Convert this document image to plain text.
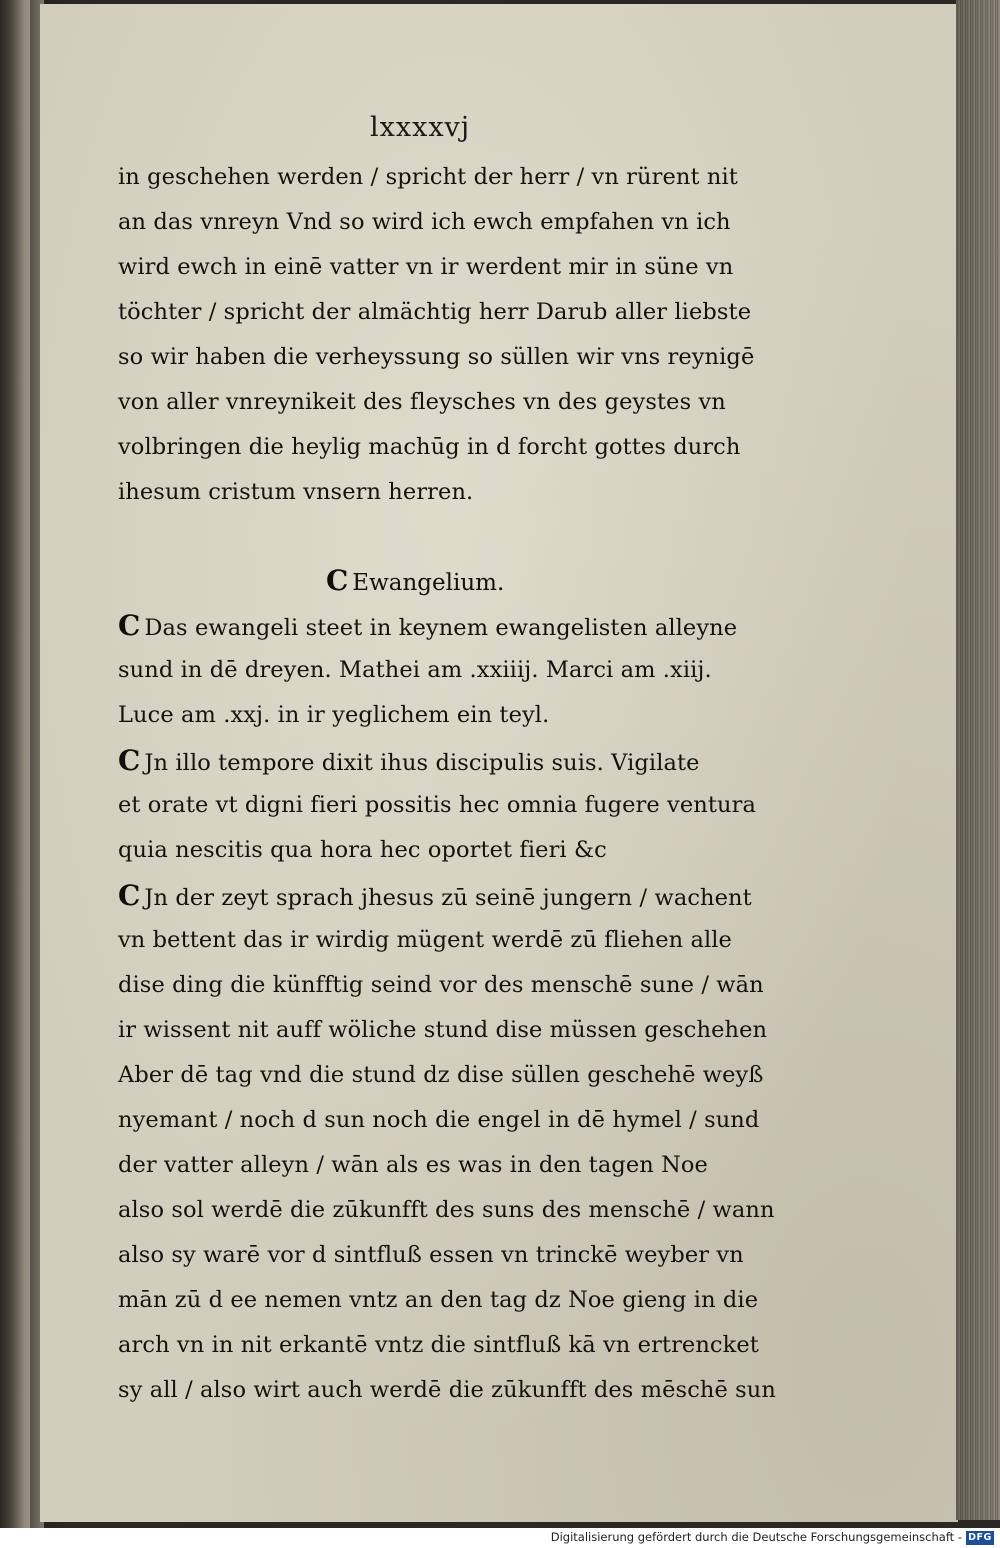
lxxxxvj
in geschehen werden / spricht der herr / vn rürent nit
an das vnreyn Vnd so wird ich ewch empfahen vn ich
wird ewch in einē vatter vn ir werdent mir in süne vn
töchter / spricht der almächtig herr Darub aller liebste
so wir haben die verheyssung so süllen wir vns reynigē
von aller vnreynikeit des fleysches vn des geystes vn
volbringen die heylig machūg in d forcht gottes durch
ihesum cristum vnsern herren.
C Ewangelium.
C Das ewangeli steet in keynem ewangelisten alleyne
sund in dē dreyen. Mathei am .xxiiij. Marci am .xiij.
Luce am .xxj. in ir yeglichem ein teyl.
C Jn illo tempore dixit ihus discipulis suis. Vigilate
et orate vt digni fieri possitis hec omnia fugere ventura
quia nescitis qua hora hec oportet fieri &c
C Jn der zeyt sprach jhesus zū seinē jungern / wachent
vn bettent das ir wirdig mügent werdē zū fliehen alle
dise ding die künfftig seind vor des menschē sune / wān
ir wissent nit auff wöliche stund dise müssen geschehen
Aber dē tag vnd die stund dz dise süllen geschehē weyß
nyemant / noch d sun noch die engel in dē hymel / sund
der vatter alleyn / wān als es was in den tagen Noe
also sol werdē die zūkunfft des suns des menschē / wann
also sy warē vor d sintfluß essen vn trinckē weyber vn
mān zū d ee nemen vntz an den tag dz Noe gieng in die
arch vn in nit erkantē vntz die sintfluß kā vn ertrencket
sy all / also wirt auch werdē die zūkunfft des mēschē sun
Digitalisierung gefördert durch die Deutsche Forschungsgemeinschaft - DFG
